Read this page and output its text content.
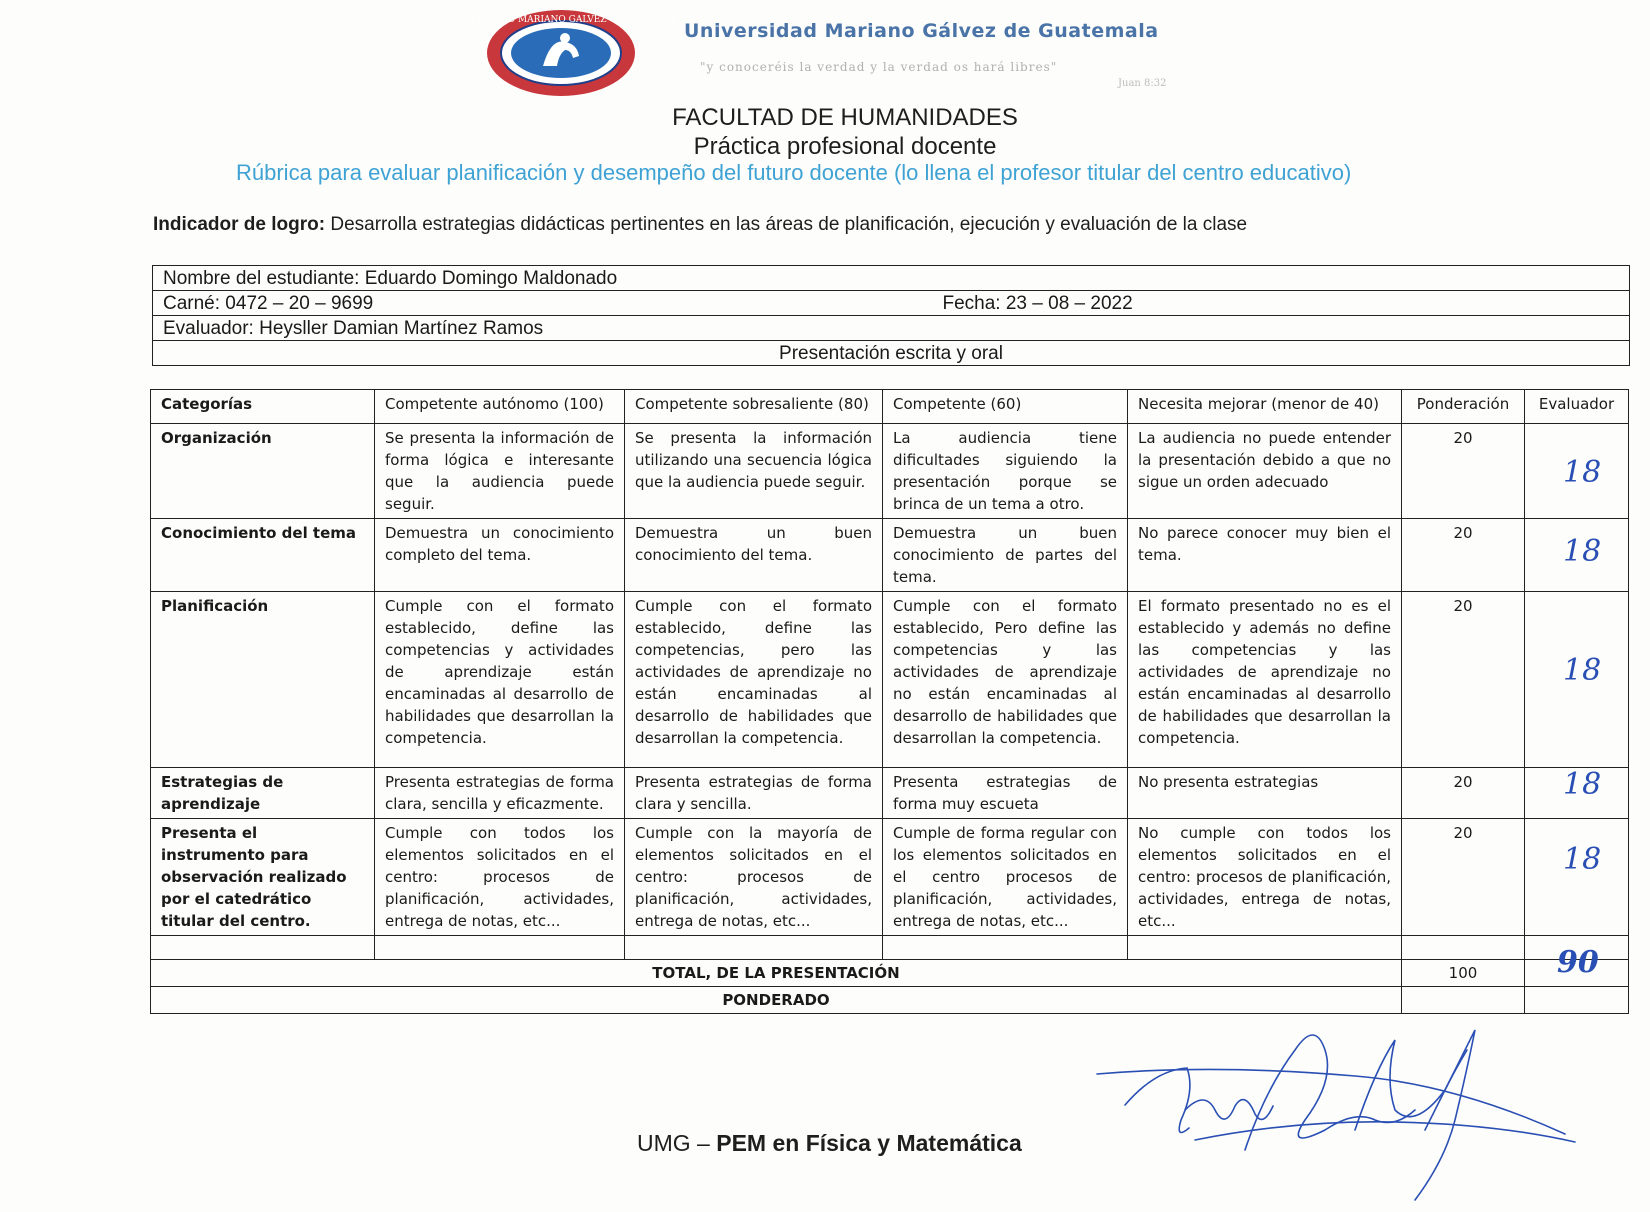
UNIVERSIDAD MARIANO GALVEZ · GUATEMALA Universidad Mariano Gálvez de Guatemala
"y conoceréis la verdad y la verdad os hará libres"
Juan 8:32
FACULTAD DE HUMANIDADES
Práctica profesional docente
Rúbrica para evaluar planificación y desempeño del futuro docente (lo llena el profesor titular del centro educativo)
Indicador de logro: Desarrolla estrategias didácticas pertinentes en las áreas de planificación, ejecución y evaluación de la clase
Nombre del estudiante: Eduardo Domingo Maldonado
Carné: 0472 – 20 – 9699	Fecha: 23 – 08 – 2022

Evaluador: Heysller Damian Martínez Ramos
Presentación escrita y oral
Categorías	Competente autónomo (100)	Competente sobresaliente (80)	Competente (60)	Necesita mejorar (menor de 40)	Ponderación	Evaluador
Organización	Se presenta la información de forma lógica e interesante que la audiencia puede seguir.	Se presenta la información utilizando una secuencia lógica que la audiencia puede seguir.	La audiencia tiene dificultades siguiendo la presentación porque se brinca de un tema a otro.	La audiencia no puede entender la presentación debido a que no sigue un orden adecuado	20	18

Conocimiento del tema	Demuestra un conocimiento completo del tema.	Demuestra un buen conocimiento del tema.	Demuestra un buen conocimiento de partes del tema.	No parece conocer muy bien el tema.	20	18

Planificación	Cumple con el formato establecido, define las competencias y actividades de aprendizaje están encaminadas al desarrollo de habilidades que desarrollan la competencia.	Cumple con el formato establecido, define las competencias, pero las actividades de aprendizaje no están encaminadas al desarrollo de habilidades que desarrollan la competencia.	Cumple con el formato establecido, Pero define las competencias y las actividades de aprendizaje no están encaminadas al desarrollo de habilidades que desarrollan la competencia.	El formato presentado no es el establecido y además no define las competencias y las actividades de aprendizaje no están encaminadas al desarrollo de habilidades que desarrollan la competencia.	20	18

Estrategias de aprendizaje	Presenta estrategias de forma clara, sencilla y eficazmente.	Presenta estrategias de forma clara y sencilla.	Presenta estrategias de forma muy escueta	No presenta estrategias	20	18

Presenta el instrumento para observación realizado por el catedrático titular del centro.	Cumple con todos los elementos solicitados en el centro: procesos de planificación, actividades, entrega de notas, etc...	Cumple con la mayoría de elementos solicitados en el centro: procesos de planificación, actividades, entrega de notas, etc...	Cumple de forma regular con los elementos solicitados en el centro procesos de planificación, actividades, entrega de notas, etc...	No cumple con todos los elementos solicitados en el centro: procesos de planificación, actividades, entrega de notas, etc...	20	18

TOTAL, DE LA PRESENTACIÓN					100	90

PONDERADO						
UMG – PEM en Física y Matemática
